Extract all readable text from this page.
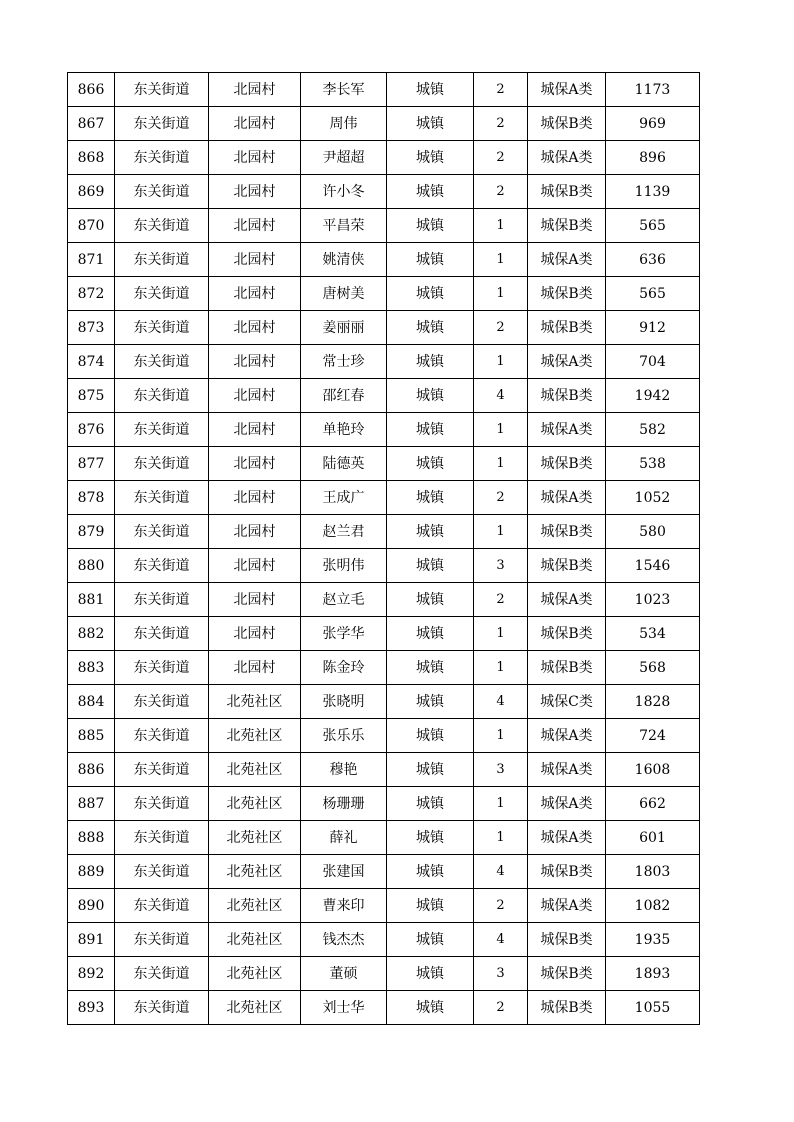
866	东关街道	北园村	李长军	城镇	2	城保A类	1173
867	东关街道	北园村	周伟	城镇	2	城保B类	969
868	东关街道	北园村	尹超超	城镇	2	城保A类	896
869	东关街道	北园村	许小冬	城镇	2	城保B类	1139
870	东关街道	北园村	平昌荣	城镇	1	城保B类	565
871	东关街道	北园村	姚清侠	城镇	1	城保A类	636
872	东关街道	北园村	唐树美	城镇	1	城保B类	565
873	东关街道	北园村	姜丽丽	城镇	2	城保B类	912
874	东关街道	北园村	常士珍	城镇	1	城保A类	704
875	东关街道	北园村	邵红春	城镇	4	城保B类	1942
876	东关街道	北园村	单艳玲	城镇	1	城保A类	582
877	东关街道	北园村	陆德英	城镇	1	城保B类	538
878	东关街道	北园村	王成广	城镇	2	城保A类	1052
879	东关街道	北园村	赵兰君	城镇	1	城保B类	580
880	东关街道	北园村	张明伟	城镇	3	城保B类	1546
881	东关街道	北园村	赵立毛	城镇	2	城保A类	1023
882	东关街道	北园村	张学华	城镇	1	城保B类	534
883	东关街道	北园村	陈金玲	城镇	1	城保B类	568
884	东关街道	北苑社区	张晓明	城镇	4	城保C类	1828
885	东关街道	北苑社区	张乐乐	城镇	1	城保A类	724
886	东关街道	北苑社区	穆艳	城镇	3	城保A类	1608
887	东关街道	北苑社区	杨珊珊	城镇	1	城保A类	662
888	东关街道	北苑社区	薛礼	城镇	1	城保A类	601
889	东关街道	北苑社区	张建国	城镇	4	城保B类	1803
890	东关街道	北苑社区	曹来印	城镇	2	城保A类	1082
891	东关街道	北苑社区	钱杰杰	城镇	4	城保B类	1935
892	东关街道	北苑社区	董硕	城镇	3	城保B类	1893
893	东关街道	北苑社区	刘士华	城镇	2	城保B类	1055
